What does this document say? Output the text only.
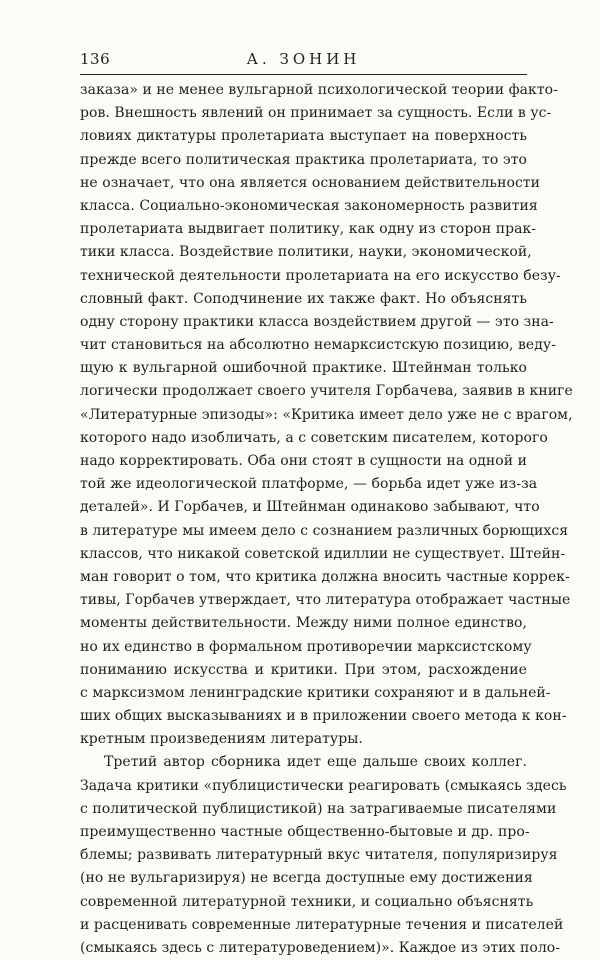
136	А. ЗОНИН
заказа» и не менее вульгарной психологической теории факто-
ров. Внешность явлений он принимает за сущность. Если в ус-
ловиях диктатуры пролетариата выступает на поверхность
прежде всего политическая практика пролетариата, то это
не означает, что она является основанием действительности
класса. Социально-экономическая закономерность развития
пролетариата выдвигает политику, как одну из сторон прак-
тики класса. Воздействие политики, науки, экономической,
технической деятельности пролетариата на его искусство безу-
словный факт. Соподчинение их также факт. Но объяснять
одну сторону практики класса воздействием другой — это зна-
чит становиться на абсолютно немарксистскую позицию, веду-
щую к вульгарной ошибочной практике. Штейнман только
логически продолжает своего учителя Горбачева, заявив в книге
«Литературные эпизоды»: «Критика имеет дело уже не с врагом,
которого надо изобличать, а с советским писателем, которого
надо корректировать. Оба они стоят в сущности на одной и
той же идеологической платформе, — борьба идет уже из-за
деталей». И Горбачев, и Штейнман одинаково забывают, что
в литературе мы имеем дело с сознанием различных борющихся
классов, что никакой советской идиллии не существует. Штейн-
ман говорит о том, что критика должна вносить частные коррек-
тивы, Горбачев утверждает, что литература отображает частные
моменты действительности. Между ними полное единство,
но их единство в формальном противоречии марксистскому
пониманию искусства и критики. При этом, расхождение
с марксизмом ленинградские критики сохраняют и в дальней-
ших общих высказываниях и в приложении своего метода к кон-
кретным произведениям литературы.
Третий автор сборника идет еще дальше своих коллег.
Задача критики «публицистически реагировать (смыкаясь здесь
с политической публицистикой) на затрагиваемые писателями
преимущественно частные общественно-бытовые и др. про-
блемы; развивать литературный вкус читателя, популяризируя
(но не вульгаризируя) не всегда доступные ему достижения
современной литературной техники, и социально объяснять
и расценивать современные литературные течения и писателей
(смыкаясь здесь с литературоведением)». Каждое из этих поло-
